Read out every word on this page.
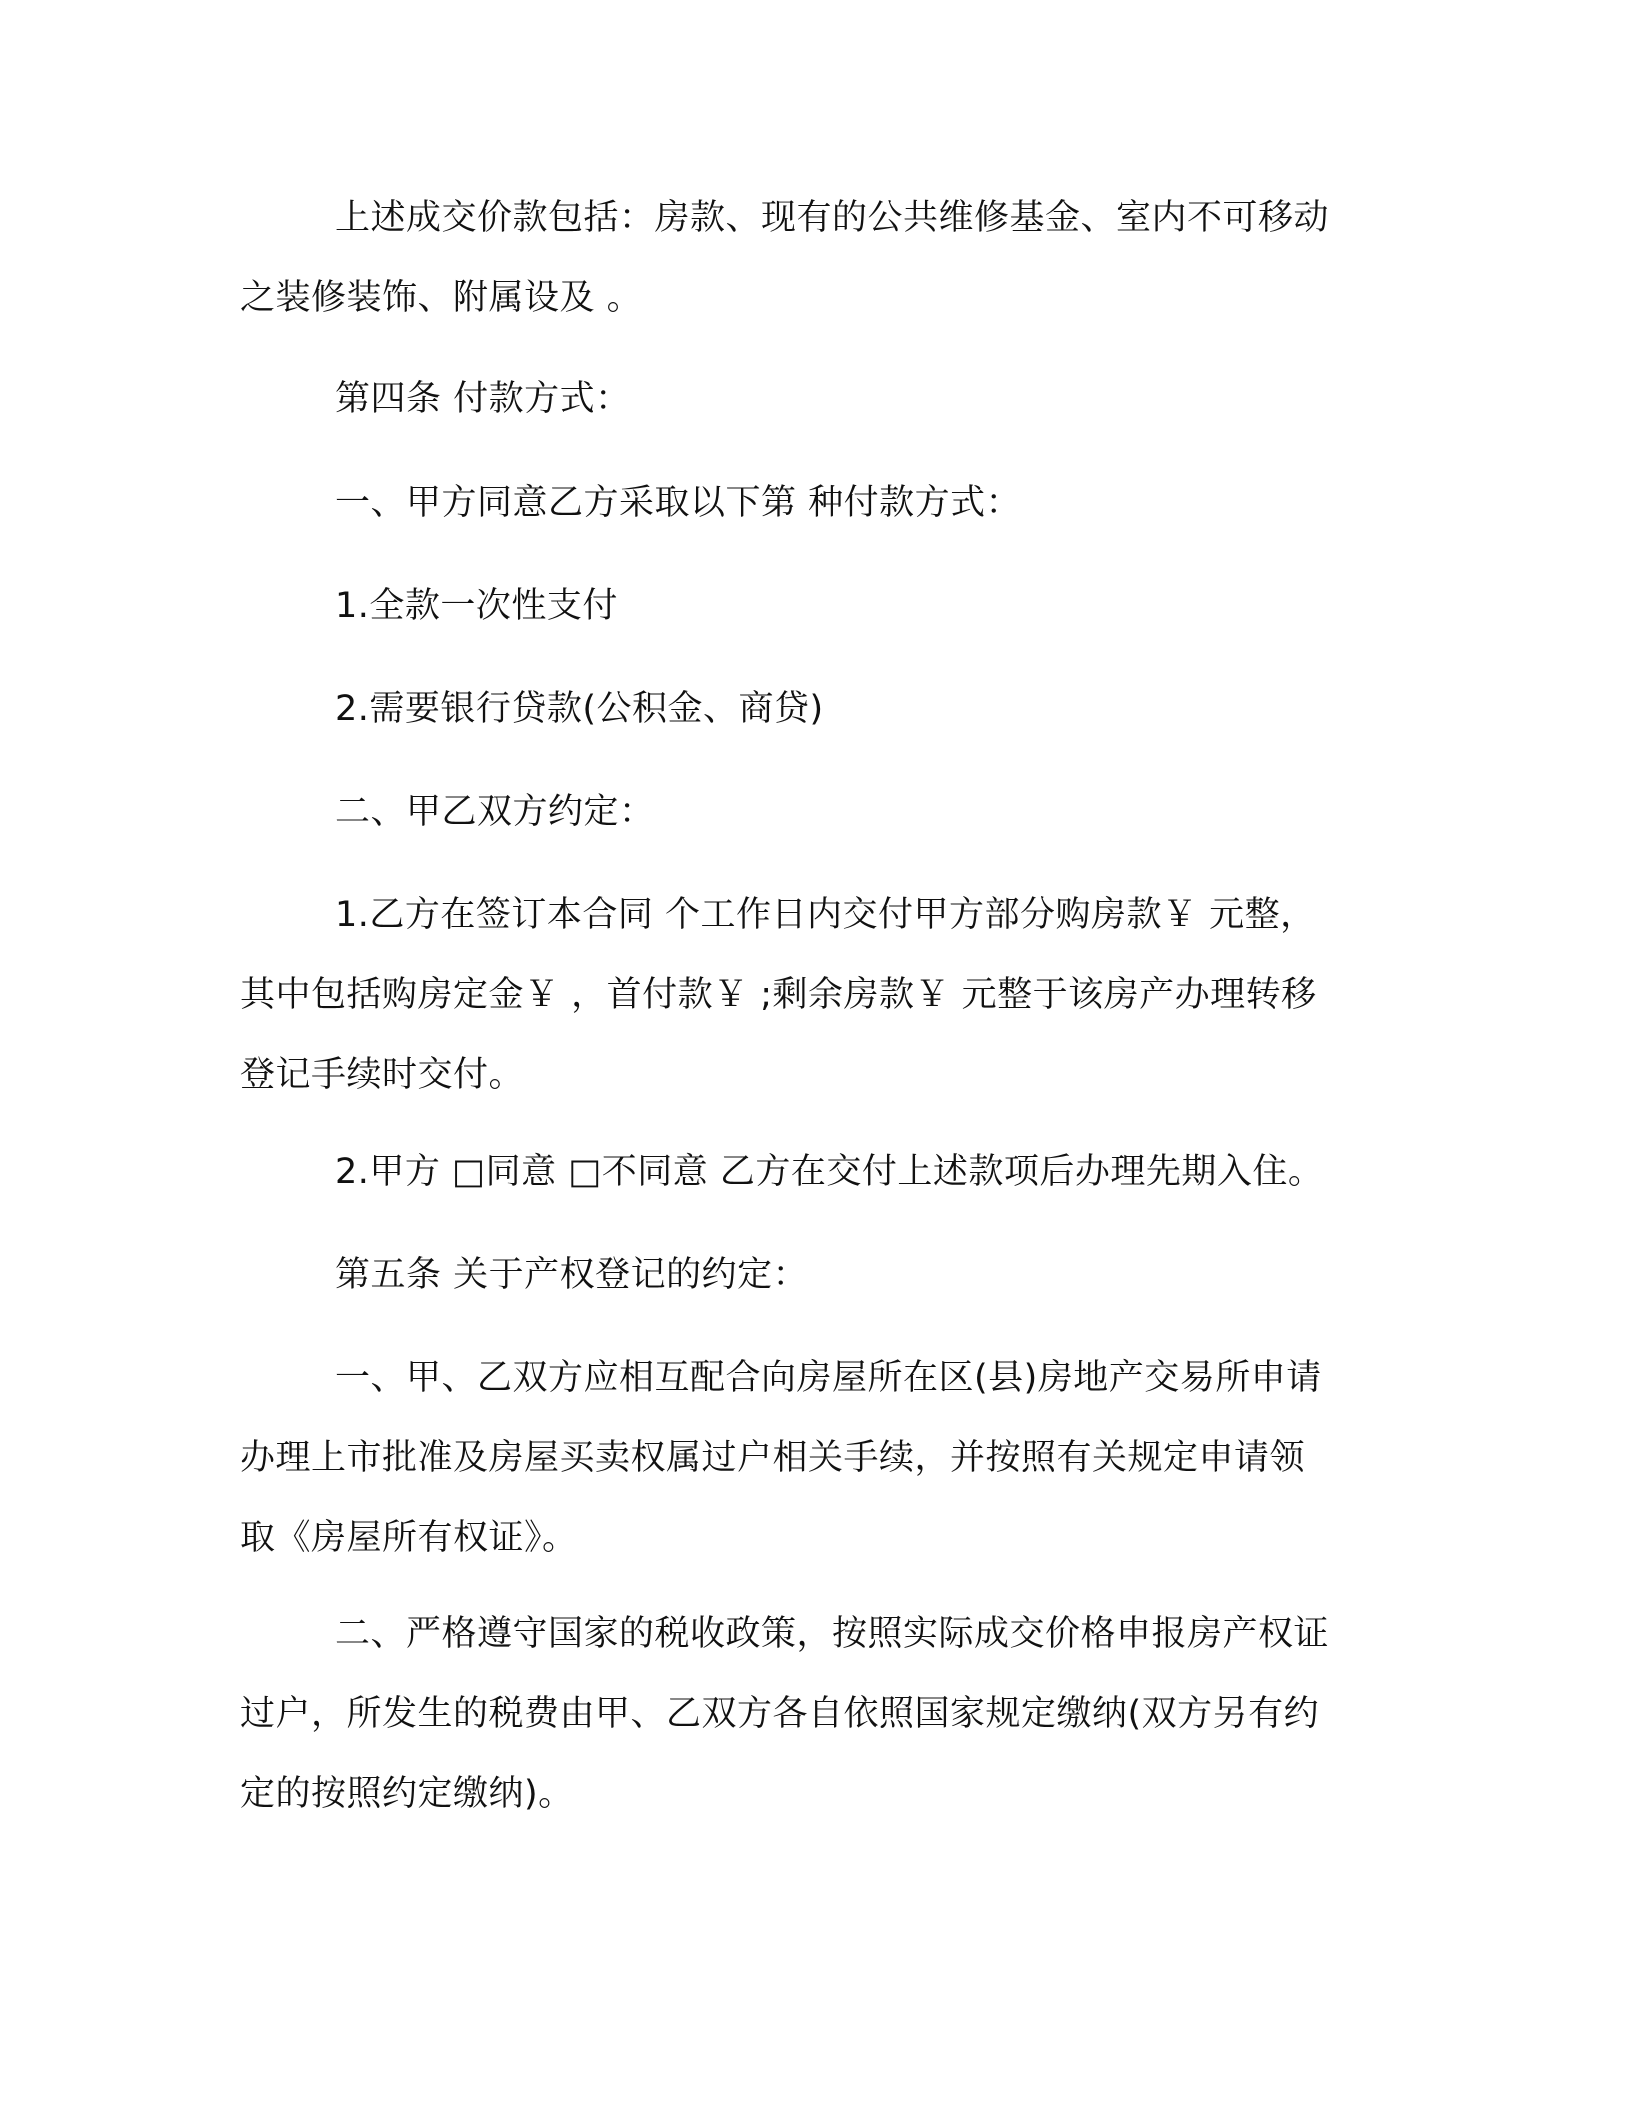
上述成交价款包括：房款、现有的公共维修基金、室内不可移动
之装修装饰、附属设及 。
第四条 付款方式：
一、甲方同意乙方采取以下第 种付款方式：
1.全款一次性支付
2.需要银行贷款(公积金、商贷)
二、甲乙双方约定：
1.乙方在签订本合同 个工作日内交付甲方部分购房款￥ 元整，
其中包括购房定金￥ ，首付款￥ ;剩余房款￥ 元整于该房产办理转移
登记手续时交付。
2.甲方 □同意 □不同意 乙方在交付上述款项后办理先期入住。
第五条 关于产权登记的约定：
一、甲、乙双方应相互配合向房屋所在区(县)房地产交易所申请
办理上市批准及房屋买卖权属过户相关手续，并按照有关规定申请领
取《房屋所有权证》。
二、严格遵守国家的税收政策，按照实际成交价格申报房产权证
过户，所发生的税费由甲、乙双方各自依照国家规定缴纳(双方另有约
定的按照约定缴纳)。
